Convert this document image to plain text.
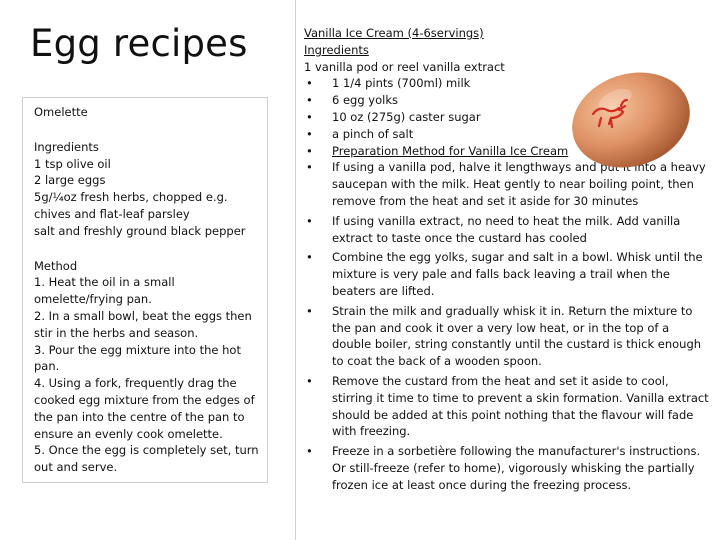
Egg recipes

Omelette

Ingredients

1 tsp olive oil

2 large eggs

5g/¼oz fresh herbs, chopped e.g. chives and flat-leaf parsley

salt and freshly ground black pepper

Method

1. Heat the oil in a small omelette/frying pan.

2. In a small bowl, beat the eggs then stir in the herbs and season.

3. Pour the egg mixture into the hot pan.

4. Using a fork, frequently drag the cooked egg mixture from the edges of the pan into the centre of the pan to ensure an evenly cook omelette.

5. Once the egg is completely set, turn out and serve.

Vanilla Ice Cream (4-6servings)

Ingredients

1 vanilla pod or reel vanilla extract

• 1 1/4 pints (700ml) milk
• 6 egg yolks
• 10 oz (275g) caster sugar
• a pinch of salt
• Preparation Method for Vanilla Ice Cream
• If using a vanilla pod, halve it lengthways and put it into a heavy saucepan with the milk. Heat gently to near boiling point, then remove from the heat and set it aside for 30 minutes
• If using vanilla extract, no need to heat the milk. Add vanilla extract to taste once the custard has cooled
• Combine the egg yolks, sugar and salt in a bowl. Whisk until the mixture is very pale and falls back leaving a trail when the beaters are lifted.
• Strain the milk and gradually whisk it in. Return the mixture to the pan and cook it over a very low heat, or in the top of a double boiler, string constantly until the custard is thick enough to coat the back of a wooden spoon.
• Remove the custard from the heat and set it aside to cool, stirring it time to time to prevent a skin formation. Vanilla extract should be added at this point nothing that the flavour will fade with freezing.
• Freeze in a sorbetière following the manufacturer's instructions. Or still-freeze (refer to home), vigorously whisking the partially frozen ice at least once during the freezing process.
